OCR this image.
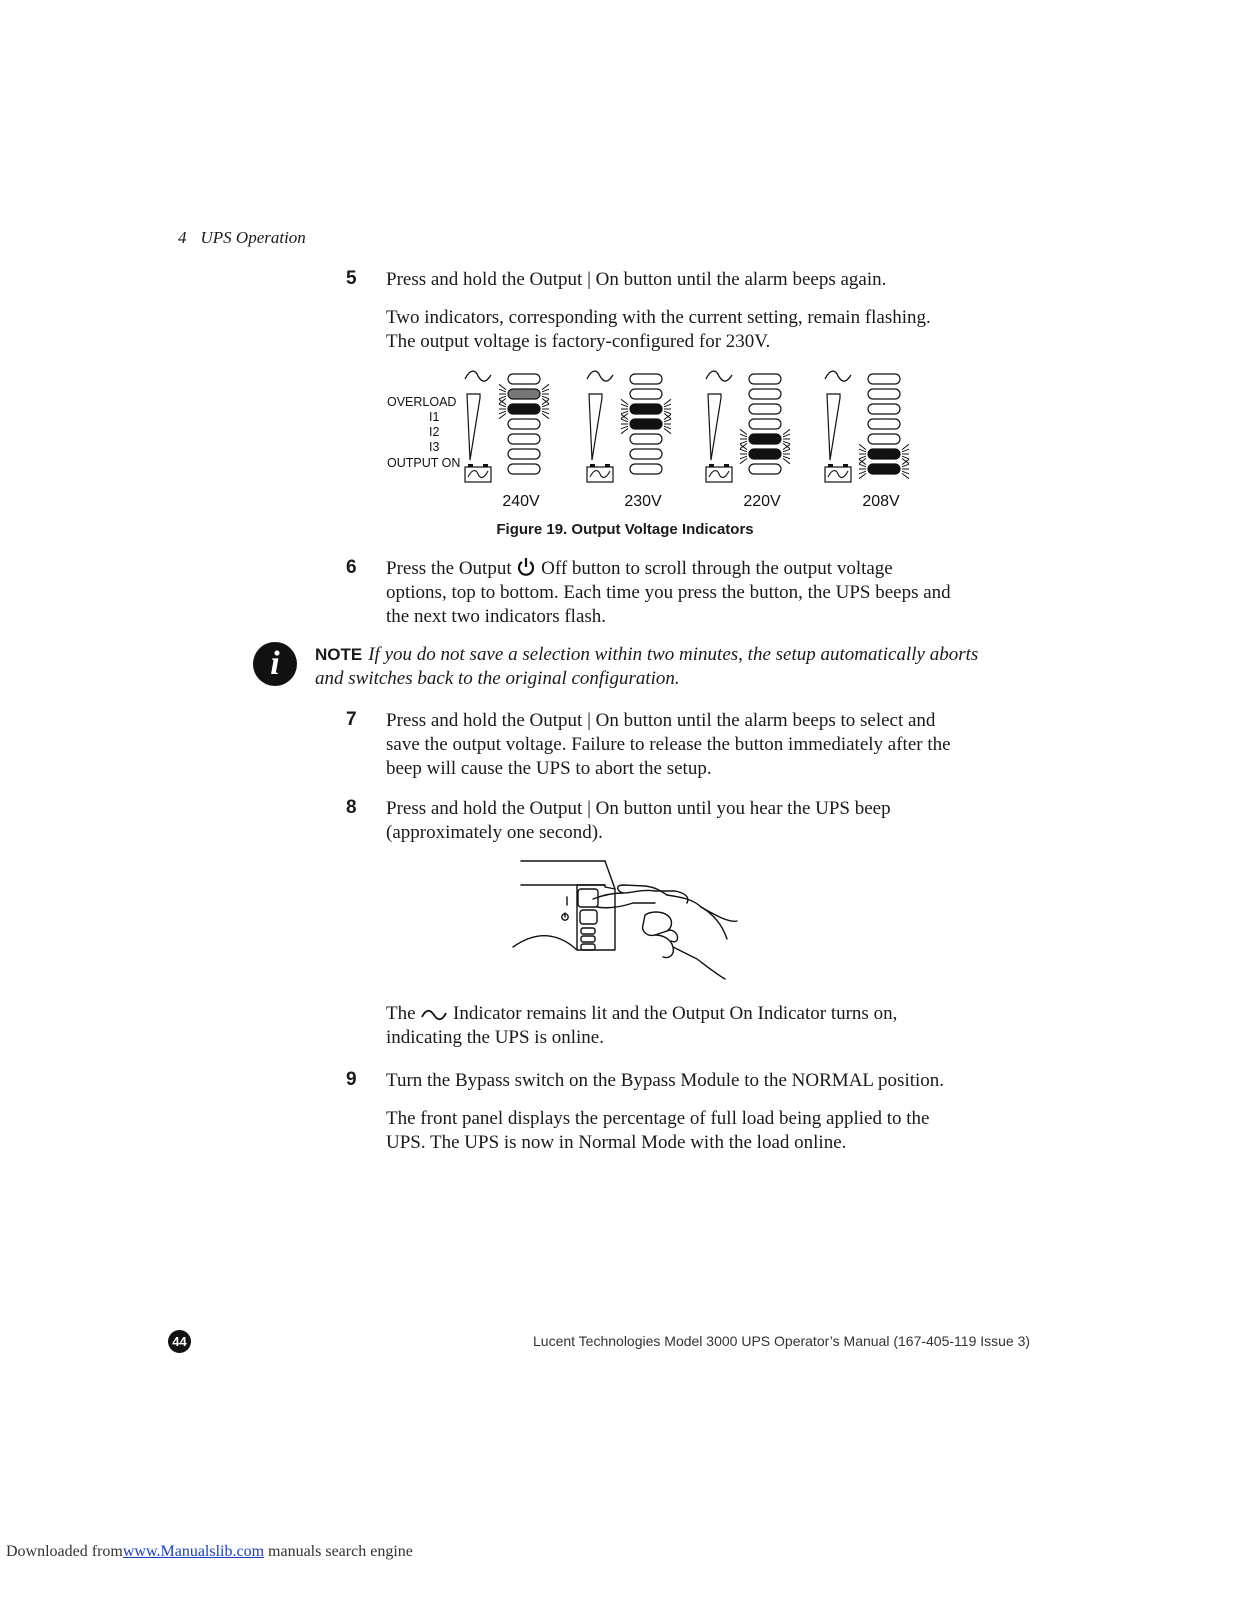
4 UPS Operation
5 Press and hold the Output | On button until the alarm beeps again.
Two indicators, corresponding with the current setting, remain flashing.
The output voltage is factory-configured for 230V.
OVERLOAD
I1
I2
I3
OUTPUT ON
240V	230V	220V	208V
Figure 19. Output Voltage Indicators
6 Press the Output Off button to scroll through the output voltage
options, top to bottom. Each time you press the button, the UPS beeps and
the next two indicators flash.
i	NOTE If you do not save a selection within two minutes, the setup automatically aborts
and switches back to the original configuration.
7 Press and hold the Output | On button until the alarm beeps to select and
save the output voltage. Failure to release the button immediately after the
beep will cause the UPS to abort the setup.
8 Press and hold the Output | On button until you hear the UPS beep
(approximately one second).
The Indicator remains lit and the Output On Indicator turns on,
indicating the UPS is online.
9 Turn the Bypass switch on the Bypass Module to the NORMAL position.
The front panel displays the percentage of full load being applied to the
UPS. The UPS is now in Normal Mode with the load online.
44	Lucent Technologies Model 3000 UPS Operator’s Manual (167-405-119 Issue 3)
Downloaded fromwww.Manualslib.com manuals search engine
